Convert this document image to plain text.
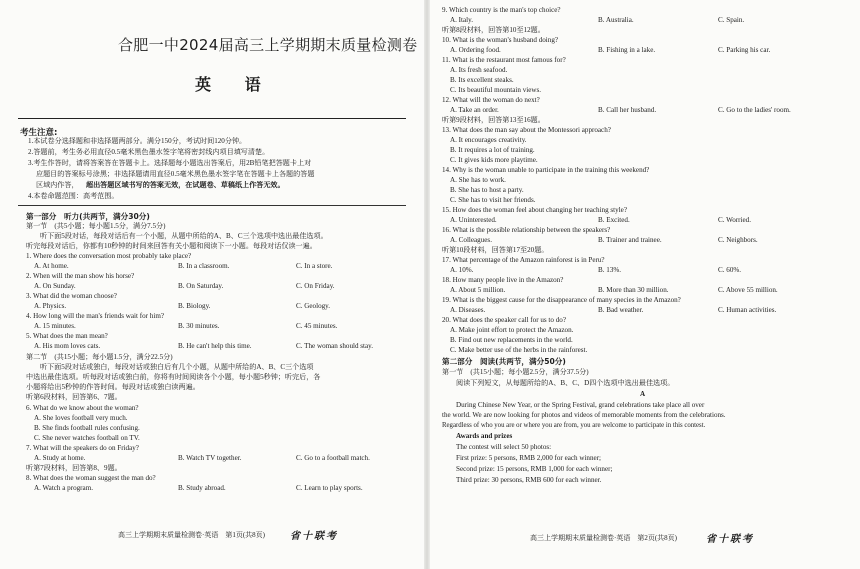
合肥一中2024届高三上学期期末质量检测卷
英 语
考生注意:
1.本试卷分选择题和非选择题两部分。满分150分，考试时间120分钟。
2.答题前，考生务必用直径0.5毫米黑色墨水签字笔将密封线内项目填写清楚。
3.考生作答时，请将答案答在答题卡上。选择题每小题选出答案后，用2B铅笔把答题卡上对
应题目的答案标号涂黑；非选择题请用直径0.5毫米黑色墨水签字笔在答题卡上各题的答题
区域内作答， 超出答题区域书写的答案无效，在试题卷、草稿纸上作答无效。
4.本卷命题范围：高考范围。
第一部分　听力(共两节，满分30分)
第一节　(共5小题；每小题1.5分，满分7.5分)
听下面5段对话，每段对话后有一个小题，从题中所给的A、B、C三个选项中选出最佳选项。
听完每段对话后，你都有10秒钟的时间来回答有关小题和阅读下一小题。每段对话仅读一遍。
1. Where does the conversation most probably take place?
A. At home.	B. In a classroom.	C. In a store.
2. When will the man show his horse?
A. On Sunday.	B. On Saturday.	C. On Friday.
3. What did the woman choose?
A. Physics.	B. Biology.	C. Geology.
4. How long will the man's friends wait for him?
A. 15 minutes.	B. 30 minutes.	C. 45 minutes.
5. What does the man mean?
A. His mom loves cats.	B. He can't help this time.	C. The woman should stay.
第二节　(共15小题；每小题1.5分，满分22.5分)
听下面5段对话或独白，每段对话或独白后有几个小题，从题中所给的A、B、C三个选项
中选出最佳选项。听每段对话或独白前，你将有时间阅读各个小题，每小题5秒钟；听完后，各
小题将给出5秒钟的作答时间。每段对话或独白读两遍。
听第6段材料，回答第6、7题。
6. What do we know about the woman?
A. She loves football very much.
B. She finds football rules confusing.
C. She never watches football on TV.
7. What will the speakers do on Friday?
A. Study at home.	B. Watch TV together.	C. Go to a football match.
听第7段材料，回答第8、9题。
8. What does the woman suggest the man do?
A. Watch a program.	B. Study abroad.	C. Learn to play sports.
高三上学期期末质量检测卷·英语　第1页(共8页)	省十联考
9. Which country is the man's top choice?
A. Italy.	B. Australia.	C. Spain.
听第8段材料，回答第10至12题。
10. What is the woman's husband doing?
A. Ordering food.	B. Fishing in a lake.	C. Parking his car.
11. What is the restaurant most famous for?
A. Its fresh seafood.
B. Its excellent steaks.
C. Its beautiful mountain views.
12. What will the woman do next?
A. Take an order.	B. Call her husband.	C. Go to the ladies' room.
听第9段材料，回答第13至16题。
13. What does the man say about the Montessori approach?
A. It encourages creativity.
B. It requires a lot of training.
C. It gives kids more playtime.
14. Why is the woman unable to participate in the training this weekend?
A. She has to work.
B. She has to host a party.
C. She has to visit her friends.
15. How does the woman feel about changing her teaching style?
A. Uninterested.	B. Excited.	C. Worried.
16. What is the possible relationship between the speakers?
A. Colleagues.	B. Trainer and trainee.	C. Neighbors.
听第10段材料，回答第17至20题。
17. What percentage of the Amazon rainforest is in Peru?
A. 10%.	B. 13%.	C. 60%.
18. How many people live in the Amazon?
A. About 5 million.	B. More than 30 million.	C. Above 55 million.
19. What is the biggest cause for the disappearance of many species in the Amazon?
A. Diseases.	B. Bad weather.	C. Human activities.
20. What does the speaker call for us to do?
A. Make joint effort to protect the Amazon.
B. Find out new replacements in the world.
C. Make better use of the herbs in the rainforest.
第二部分　阅读(共两节，满分50分)
第一节　(共15小题；每小题2.5分，满分37.5分)
阅读下列短文，从每题所给的A、B、C、D四个选项中选出最佳选项。
A
During Chinese New Year, or the Spring Festival, grand celebrations take place all over
the world. We are now looking for photos and videos of memorable moments from the celebrations.
Regardless of who you are or where you are from, you are welcome to participate in this contest.
Awards and prizes
The contest will select 50 photos:
First prize: 5 persons, RMB 2,000 for each winner;
Second prize: 15 persons, RMB 1,000 for each winner;
Third prize: 30 persons, RMB 600 for each winner.
高三上学期期末质量检测卷·英语　第2页(共8页)	省十联考
